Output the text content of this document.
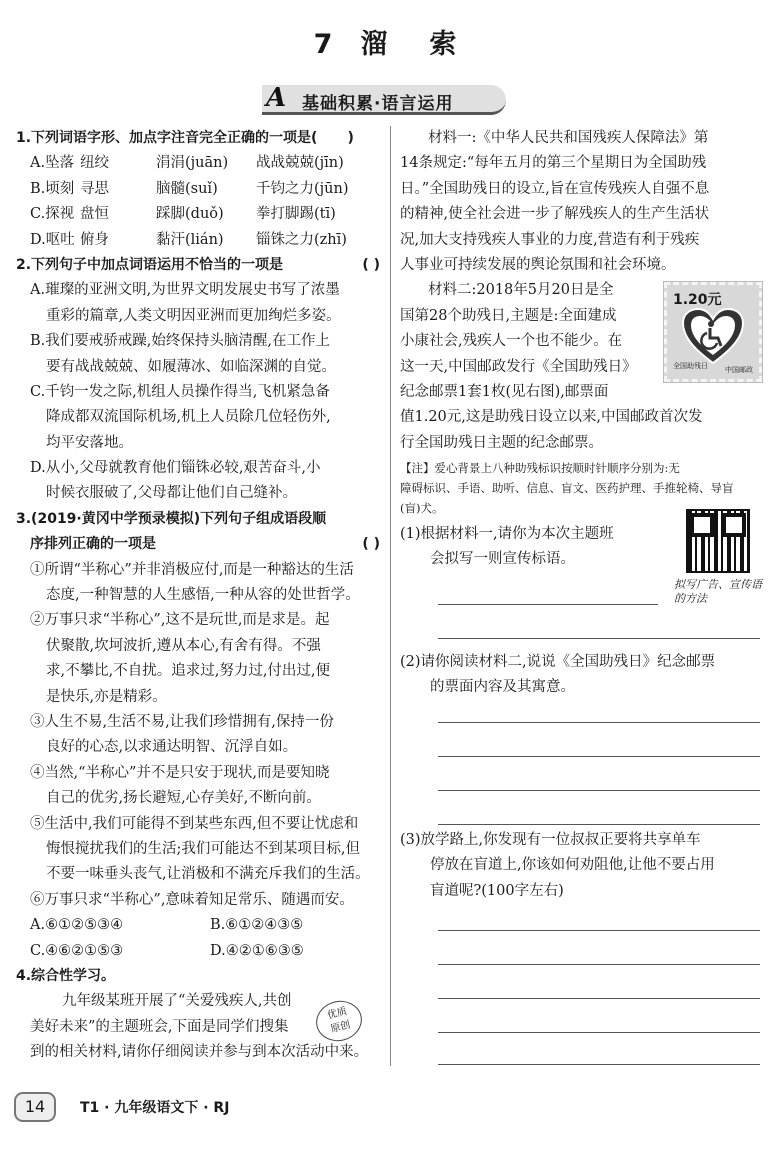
7 溜 索
A 基础积累·语言运用
1.下列词语字形、加点字注音完全正确的一项是( )
A.坠落 纽绞	涓涓(juān)	战战兢兢(jīn)
B.顷刻 寻思	脑髓(suǐ)	千钧之力(jūn)
C.探视 盘恒	踩脚(duǒ)	拳打脚踢(tī)
D.呕吐 俯身	黏汗(lián)	锱铢之力(zhī)
2.下列句子中加点词语运用不恰当的一项是	( )
A.璀璨的亚洲文明,为世界文明发展史书写了浓墨
重彩的篇章,人类文明因亚洲而更加绚烂多姿。
B.我们要戒骄戒躁,始终保持头脑清醒,在工作上
要有战战兢兢、如履薄冰、如临深渊的自觉。
C.千钧一发之际,机组人员操作得当,飞机紧急备
降成都双流国际机场,机上人员除几位轻伤外,
均平安落地。
D.从小,父母就教育他们锱铢必较,艰苦奋斗,小
时候衣服破了,父母都让他们自己缝补。
3.(2019·黄冈中学预录模拟)下列句子组成语段顺
序排列正确的一项是	( )
①所谓“半称心”并非消极应付,而是一种豁达的生活
态度,一种智慧的人生感悟,一种从容的处世哲学。
②万事只求“半称心”,这不是玩世,而是求是。起
伏聚散,坎坷波折,遵从本心,有舍有得。不强
求,不攀比,不自扰。追求过,努力过,付出过,便
是快乐,亦是精彩。
③人生不易,生活不易,让我们珍惜拥有,保持一份
良好的心态,以求通达明智、沉浮自如。
④当然,“半称心”并不是只安于现状,而是要知晓
自己的优劣,扬长避短,心存美好,不断向前。
⑤生活中,我们可能得不到某些东西,但不要让忧虑和
悔恨搅扰我们的生活;我们可能达不到某项目标,但
不要一味垂头丧气,让消极和不满充斥我们的生活。
⑥万事只求“半称心”,意味着知足常乐、随遇而安。
A.⑥①②⑤③④	B.⑥①②④③⑤
C.④⑥②①⑤③	D.④②①⑥③⑤
4.综合性学习。
九年级某班开展了“关爱残疾人,共创
美好未来”的主题班会,下面是同学们搜集
到的相关材料,请你仔细阅读并参与到本次活动中来。
优质
原创
材料一:《中华人民共和国残疾人保障法》第
14条规定:“每年五月的第三个星期日为全国助残
日。”全国助残日的设立,旨在宣传残疾人自强不息
的精神,使全社会进一步了解残疾人的生产生活状
况,加大支持残疾人事业的力度,营造有利于残疾
人事业可持续发展的舆论氛围和社会环境。
材料二:2018年5月20日是全
国第28个助残日,主题是:全面建成
小康社会,残疾人一个也不能少。在
这一天,中国邮政发行《全国助残日》
纪念邮票1套1枚(见右图),邮票面
值1.20元,这是助残日设立以来,中国邮政首次发
行全国助残日主题的纪念邮票。
1.20元
全国助残日 中国邮政
【注】爱心背景上八种助残标识按顺时针顺序分别为:无
障碍标识、手语、助听、信息、盲文、医药护理、手推轮椅、导盲
(盲)犬。
拟写广告、宣传语的方法
(1)根据材料一,请你为本次主题班
会拟写一则宣传标语。
(2)请你阅读材料二,说说《全国助残日》纪念邮票
的票面内容及其寓意。
(3)放学路上,你发现有一位叔叔正要将共享单车
停放在盲道上,你该如何劝阻他,让他不要占用
盲道呢?(100字左右)
14	T1 · 九年级语文下 · RJ
